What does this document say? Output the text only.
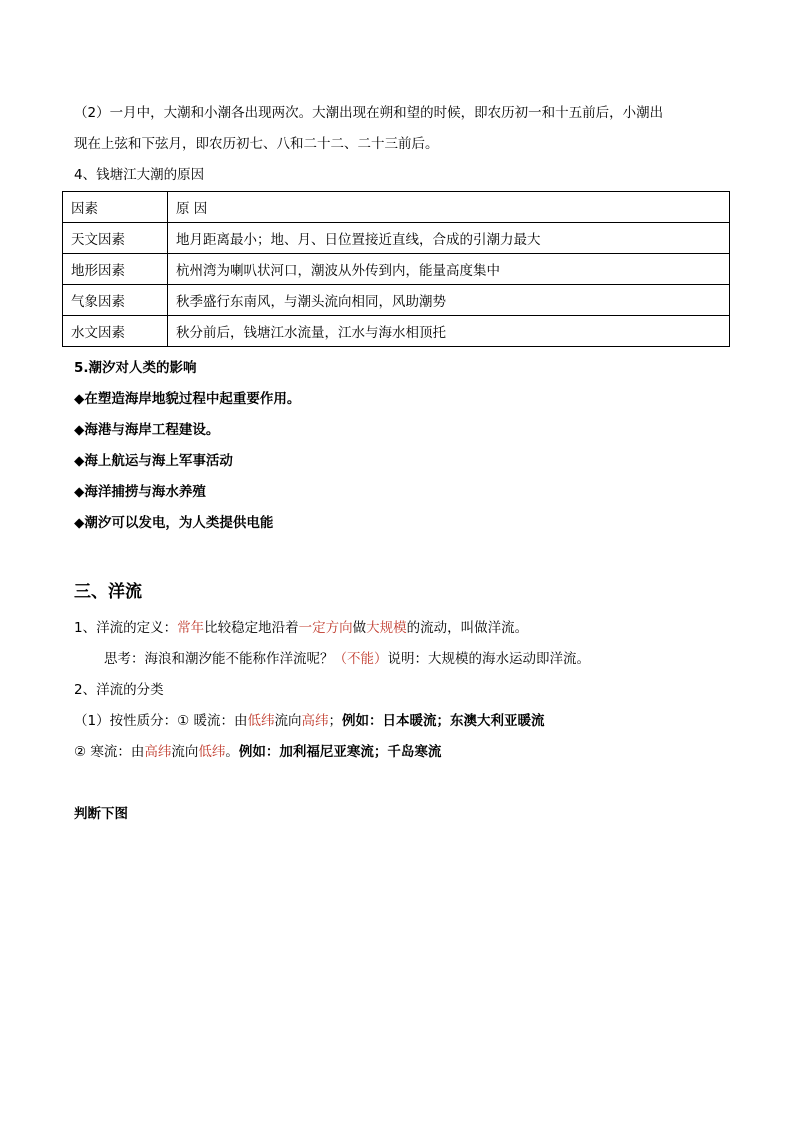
（2）一月中，大潮和小潮各出现两次。大潮出现在朔和望的时候，即农历初一和十五前后，小潮出
现在上弦和下弦月，即农历初七、八和二十二、二十三前后。
4、钱塘江大潮的原因
因素	原 因
天文因素	地月距离最小；地、月、日位置接近直线，合成的引潮力最大
地形因素	杭州湾为喇叭状河口，潮波从外传到内，能量高度集中
气象因素	秋季盛行东南风，与潮头流向相同，风助潮势
水文因素	秋分前后，钱塘江水流量，江水与海水相顶托
5.潮汐对人类的影响
◆在塑造海岸地貌过程中起重要作用。
◆海港与海岸工程建设。
◆海上航运与海上军事活动
◆海洋捕捞与海水养殖
◆潮汐可以发电，为人类提供电能
三、洋流
1、洋流的定义：常年比较稳定地沿着一定方向做大规模的流动，叫做洋流。
思考：海浪和潮汐能不能称作洋流呢？（不能）说明：大规模的海水运动即洋流。
2、洋流的分类
（1）按性质分：① 暖流：由低纬流向高纬；例如：日本暖流；东澳大利亚暖流
② 寒流：由高纬流向低纬。例如：加利福尼亚寒流；千岛寒流
判断下图
